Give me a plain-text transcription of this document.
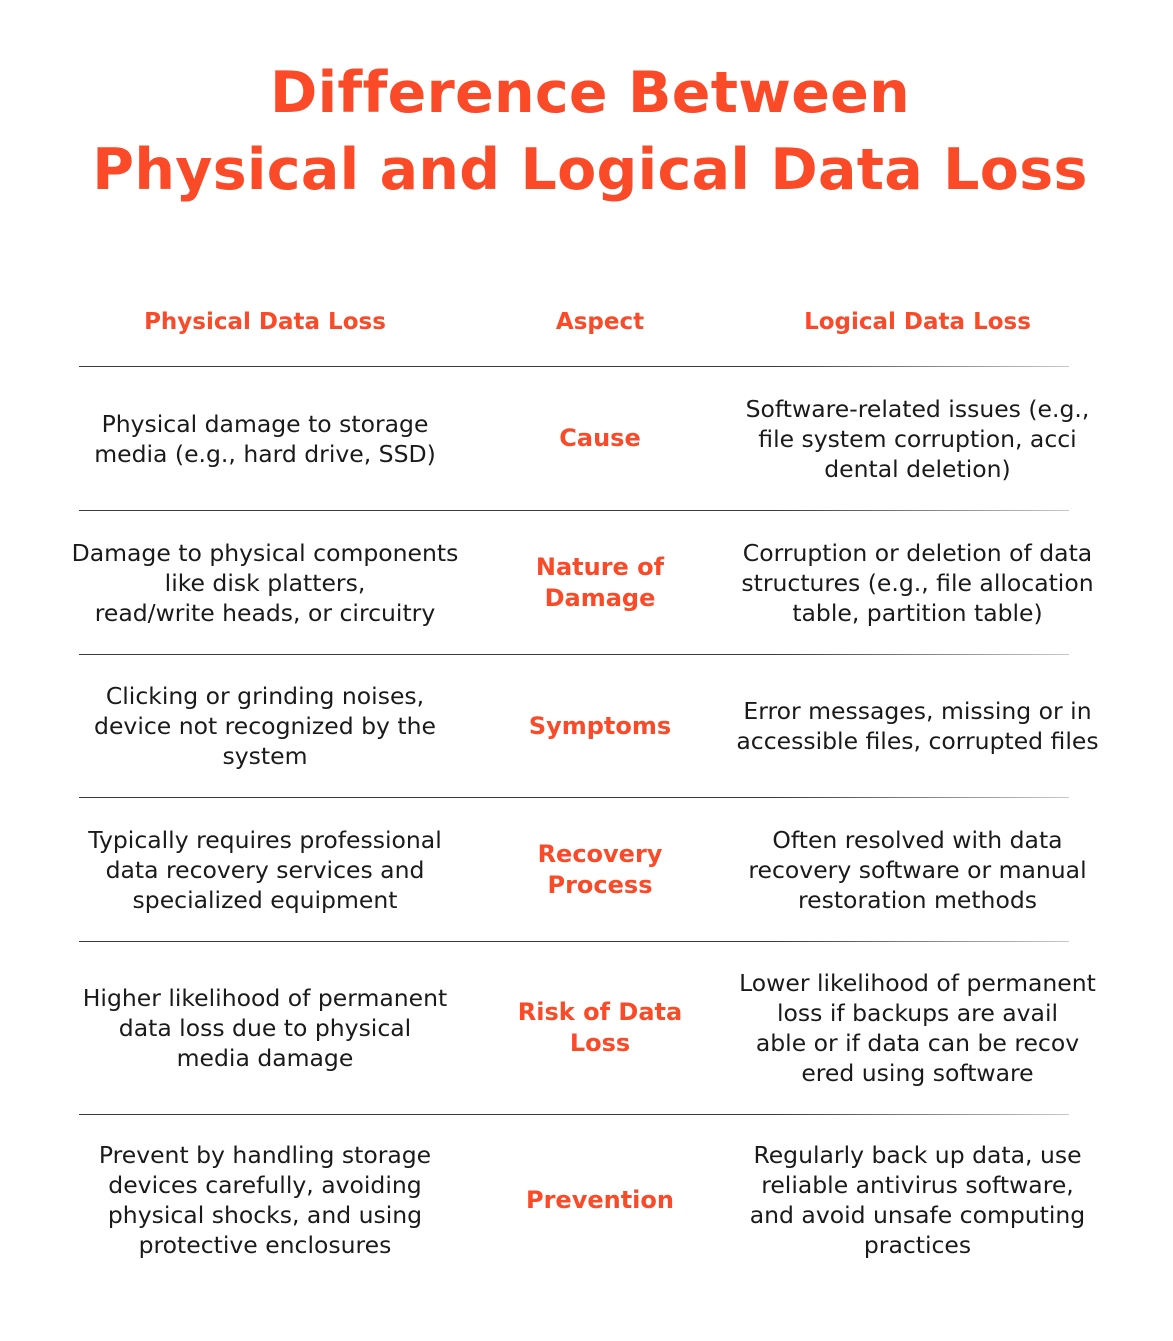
Difference Between
Physical and Logical Data Loss
Physical Data Loss	Aspect	Logical Data Loss
Physical damage to storage
media (e.g., hard drive, SSD)
Cause
Software-related issues (e.g.,
file system corruption, acci
dental deletion)
Damage to physical components
like disk platters,
read/write heads, or circuitry
Nature of
Damage
Corruption or deletion of data
structures (e.g., file allocation
table, partition table)
Clicking or grinding noises,
device not recognized by the
system
Symptoms
Error messages, missing or in
accessible files, corrupted files
Typically requires professional
data recovery services and
specialized equipment
Recovery
Process
Often resolved with data
recovery software or manual
restoration methods
Higher likelihood of permanent
data loss due to physical
media damage
Risk of Data
Loss
Lower likelihood of permanent
loss if backups are avail
able or if data can be recov
ered using software
Prevent by handling storage
devices carefully, avoiding
physical shocks, and using
protective enclosures
Prevention
Regularly back up data, use
reliable antivirus software,
and avoid unsafe computing
practices
